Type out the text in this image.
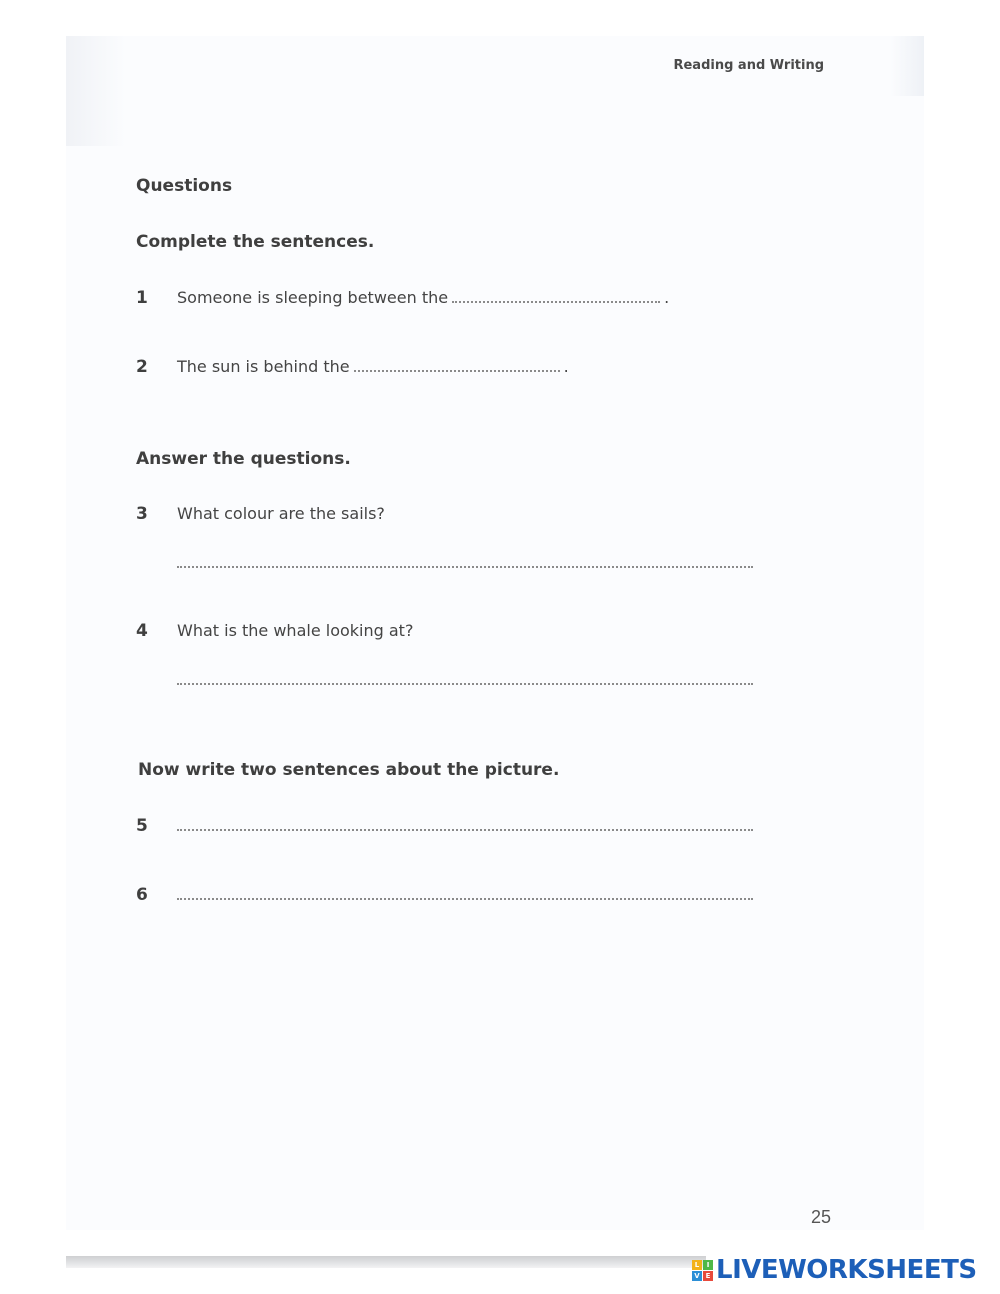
Reading and Writing
Questions
Complete the sentences.
1 Someone is sleeping between the	.
2 The sun is behind the	.
Answer the questions.
3 What colour are the sails?
4 What is the whale looking at?
Now write two sentences about the picture.
5
6
25
L	I
V E LIVEWORKSHEETS
